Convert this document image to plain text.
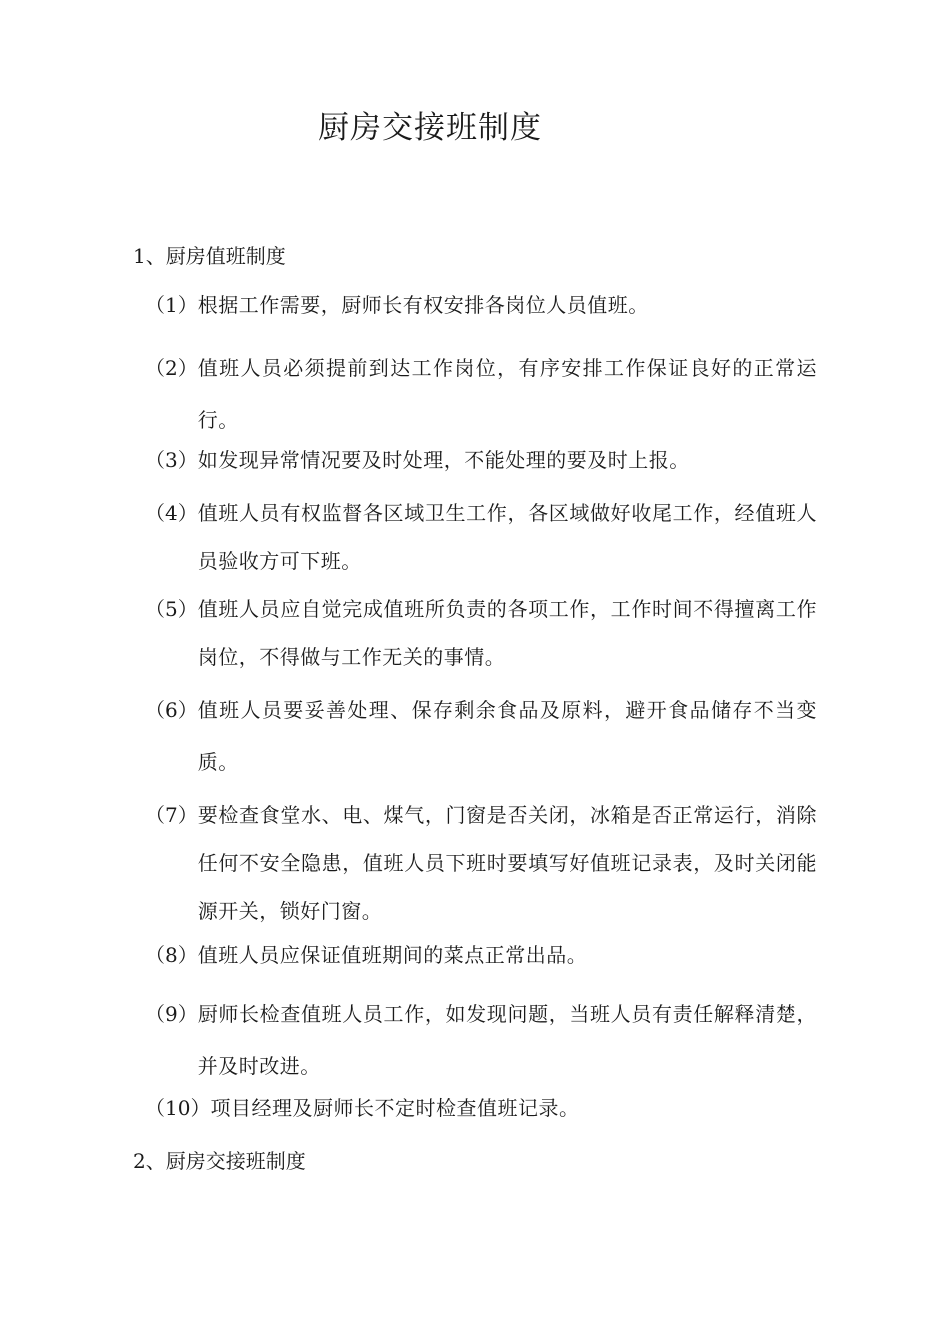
厨房交接班制度
1、厨房值班制度

（1） 根据工作需要，厨师长有权安排各岗位人员值班。

（2） 值班人员必须提前到达工作岗位，有序安排工作保证良好的正常运行。

（3） 如发现异常情况要及时处理，不能处理的要及时上报。

（4） 值班人员有权监督各区域卫生工作，各区域做好收尾工作，经值班人员验收方可下班。

（5） 值班人员应自觉完成值班所负责的各项工作，工作时间不得擅离工作岗位，不得做与工作无关的事情。

（6） 值班人员要妥善处理、保存剩余食品及原料，避开食品储存不当变质。

（7） 要检查食堂水、电、煤气，门窗是否关闭，冰箱是否正常运行，消除任何不安全隐患，值班人员下班时要填写好值班记录表，及时关闭能源开关，锁好门窗。

（8） 值班人员应保证值班期间的菜点正常出品。

（9） 厨师长检查值班人员工作，如发现问题，当班人员有责任解释清楚，并及时改进。

（10） 项目经理及厨师长不定时检查值班记录。

2、厨房交接班制度
